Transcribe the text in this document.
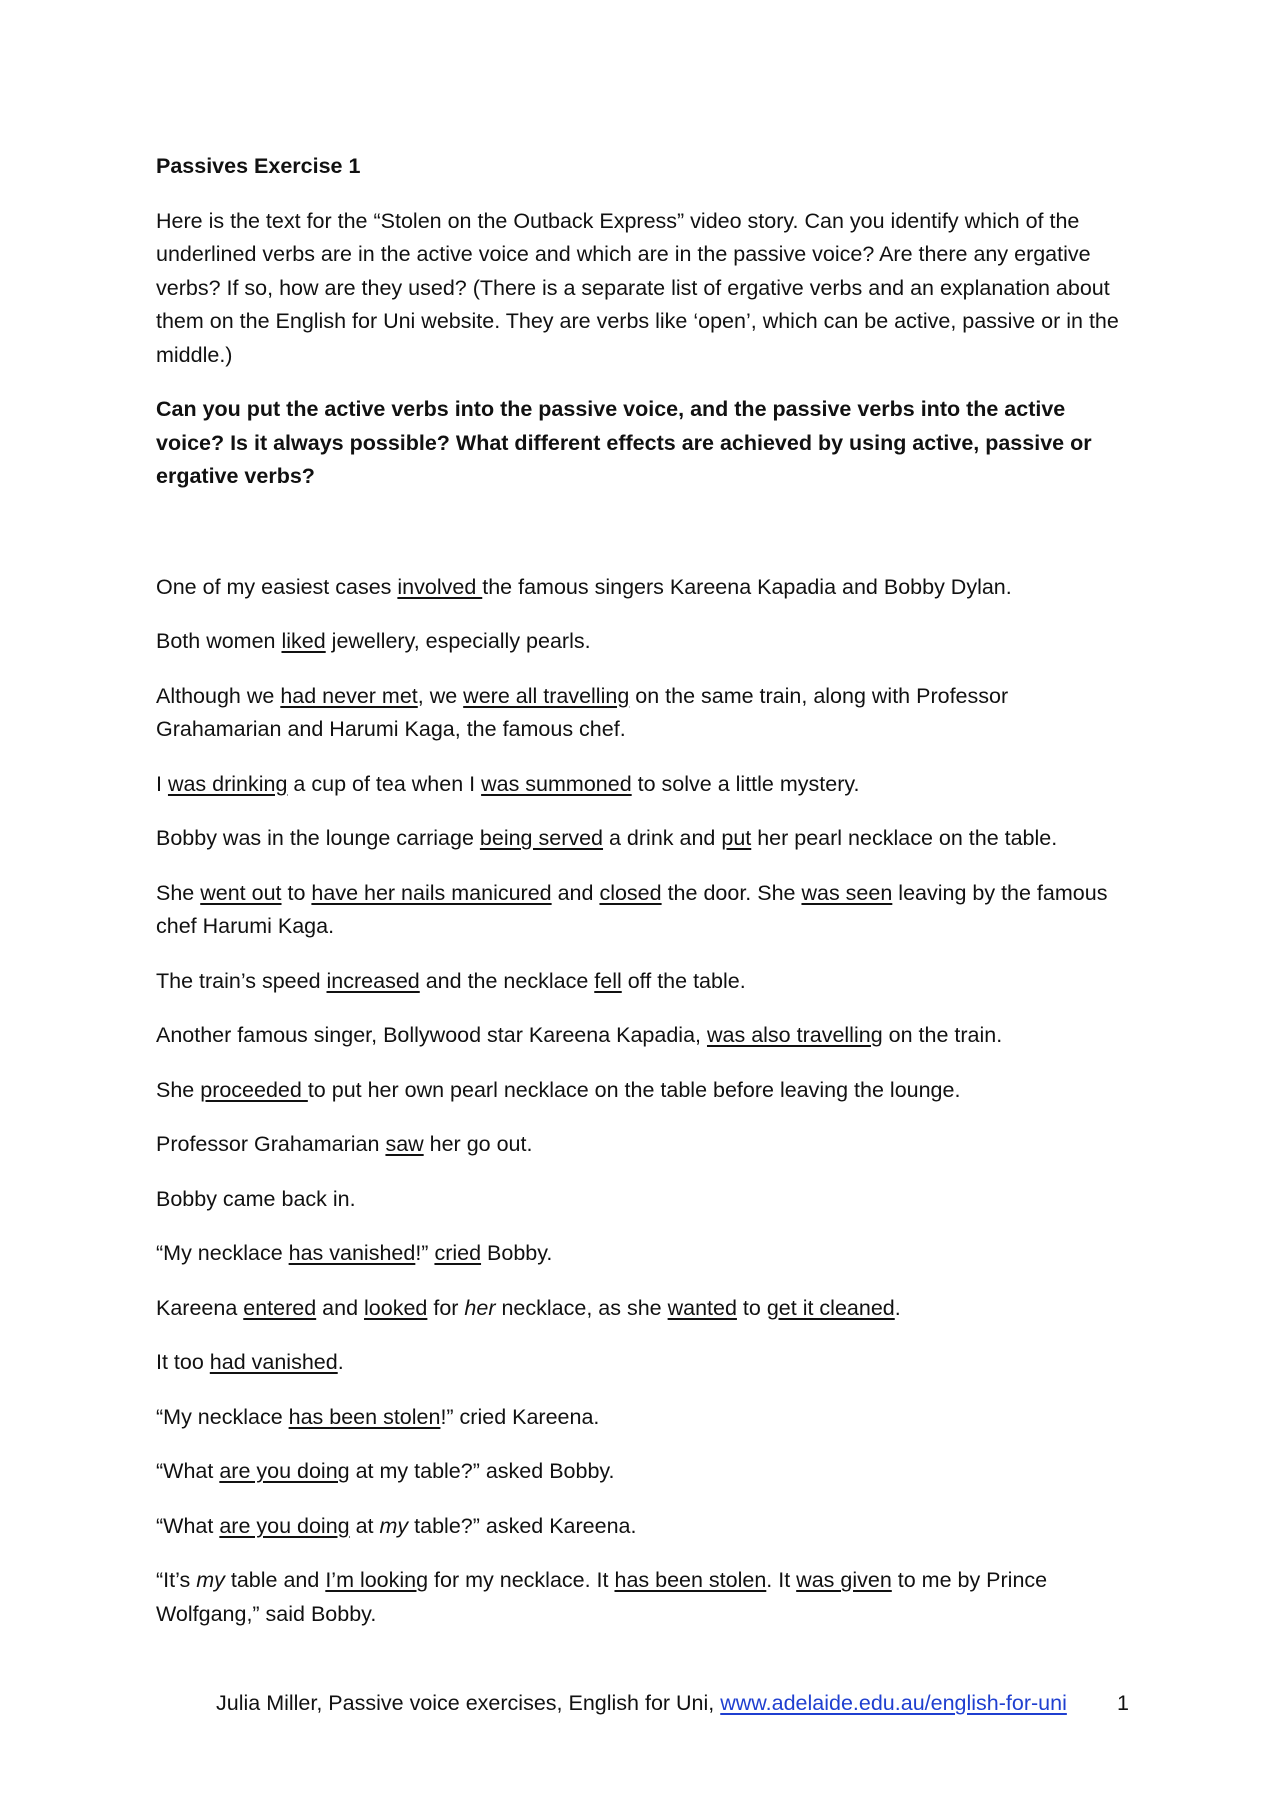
Passives Exercise 1
Here is the text for the “Stolen on the Outback Express” video story. Can you identify which of the underlined verbs are in the active voice and which are in the passive voice? Are there any ergative verbs? If so, how are they used? (There is a separate list of ergative verbs and an explanation about them on the English for Uni website. They are verbs like ‘open’, which can be active, passive or in the middle.)
Can you put the active verbs into the passive voice, and the passive verbs into the active voice? Is it always possible? What different effects are achieved by using active, passive or ergative verbs?
One of my easiest cases involved the famous singers Kareena Kapadia and Bobby Dylan.
Both women liked jewellery, especially pearls.
Although we had never met, we were all travelling on the same train, along with Professor Grahamarian and Harumi Kaga, the famous chef.
I was drinking a cup of tea when I was summoned to solve a little mystery.
Bobby was in the lounge carriage being served a drink and put her pearl necklace on the table.
She went out to have her nails manicured and closed the door. She was seen leaving by the famous chef Harumi Kaga.
The train’s speed increased and the necklace fell off the table.
Another famous singer, Bollywood star Kareena Kapadia, was also travelling on the train.
She proceeded to put her own pearl necklace on the table before leaving the lounge.
Professor Grahamarian saw her go out.
Bobby came back in.
“My necklace has vanished!” cried Bobby.
Kareena entered and looked for her necklace, as she wanted to get it cleaned.
It too had vanished.
“My necklace has been stolen!” cried Kareena.
“What are you doing at my table?” asked Bobby.
“What are you doing at my table?” asked Kareena.
“It’s my table and I’m looking for my necklace. It has been stolen. It was given to me by Prince Wolfgang,” said Bobby.
Julia Miller, Passive voice exercises, English for Uni, www.adelaide.edu.au/english-for-uni 1
